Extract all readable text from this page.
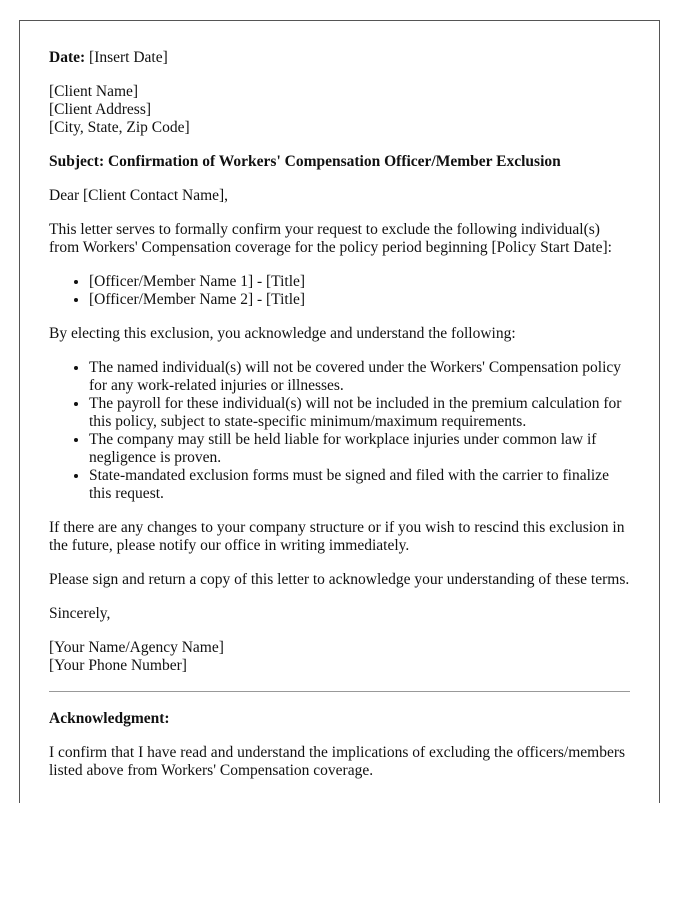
Date: [Insert Date]

[Client Name]
[Client Address]
[City, State, Zip Code]

Subject: Confirmation of Workers' Compensation Officer/Member Exclusion

Dear [Client Contact Name],

This letter serves to formally confirm your request to exclude the following individual(s) from Workers' Compensation coverage for the policy period beginning [Policy Start Date]:

• [Officer/Member Name 1] - [Title]
• [Officer/Member Name 2] - [Title]

By electing this exclusion, you acknowledge and understand the following:

• The named individual(s) will not be covered under the Workers' Compensation policy for any work-related injuries or illnesses.
• The payroll for these individual(s) will not be included in the premium calculation for this policy, subject to state-specific minimum/maximum requirements.
• The company may still be held liable for workplace injuries under common law if negligence is proven.
• State-mandated exclusion forms must be signed and filed with the carrier to finalize this request.

If there are any changes to your company structure or if you wish to rescind this exclusion in the future, please notify our office in writing immediately.

Please sign and return a copy of this letter to acknowledge your understanding of these terms.

Sincerely,

[Your Name/Agency Name]
[Your Phone Number]

Acknowledgment:

I confirm that I have read and understand the implications of excluding the officers/members listed above from Workers' Compensation coverage.
